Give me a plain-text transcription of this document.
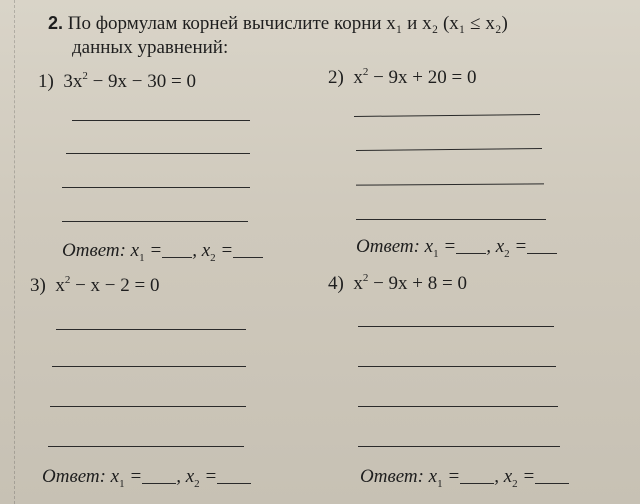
2. По формулам корней вычислите корни x₁ и x₂ (x₁ ≤ x₂)
данных уравнений:
1) $3x^2 - 9x - 30 = 0$
Ответ: $x_1$ = , $x_2$ =
2) $x^2 - 9x + 20 = 0$
Ответ: $x_1$ = , $x_2$ =
3) $x^2 - x - 2 = 0$
Ответ: $x_1$ = , $x_2$ =
4) $x^2 - 9x + 8 = 0$
Ответ: $x_1$ = , $x_2$ =
